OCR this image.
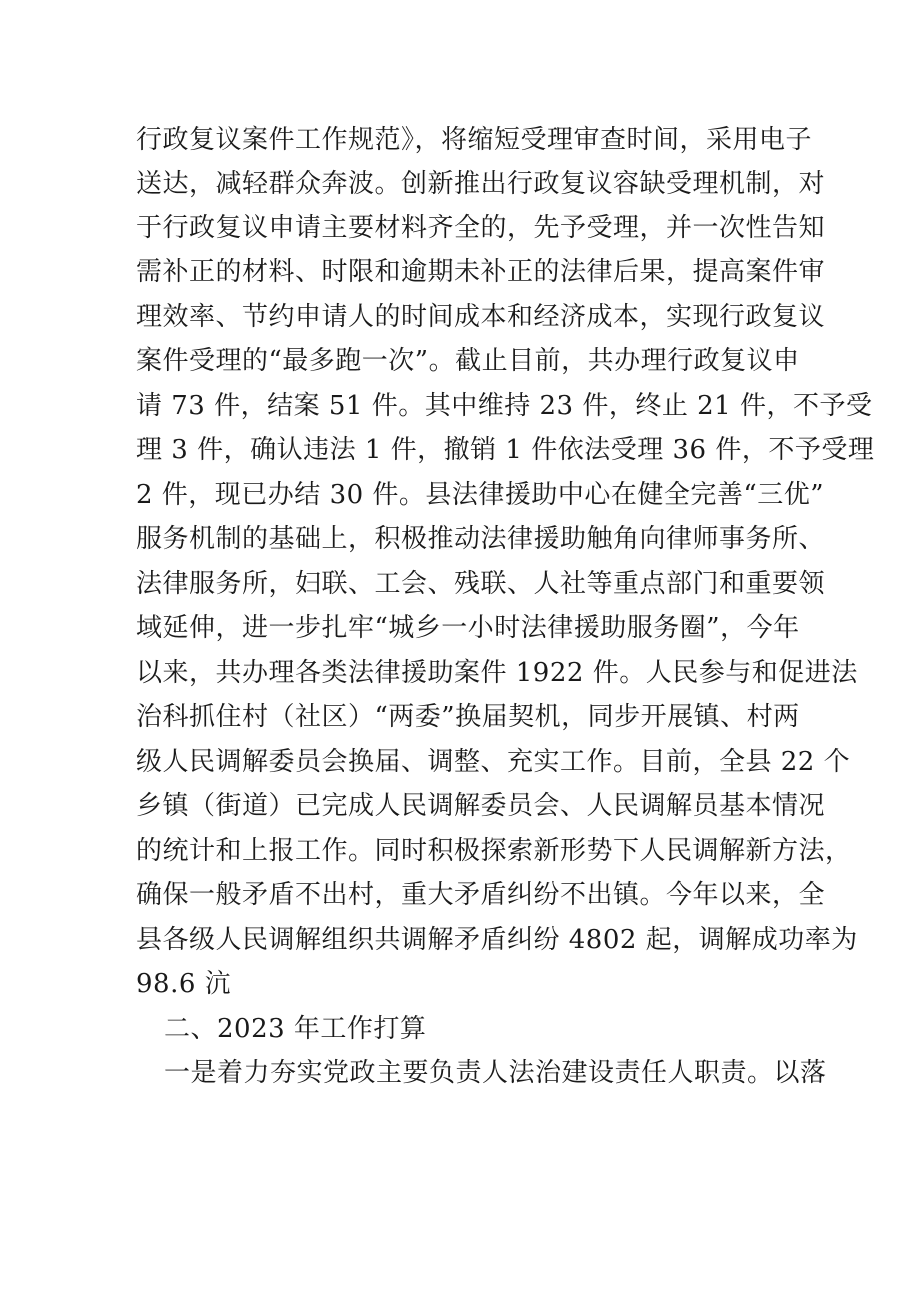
行政复议案件工作规范》，将缩短受理审查时间，采用电子
送达，减轻群众奔波。创新推出行政复议容缺受理机制，对
于行政复议申请主要材料齐全的，先予受理，并一次性告知
需补正的材料、时限和逾期未补正的法律后果，提高案件审
理效率、节约申请人的时间成本和经济成本，实现行政复议
案件受理的“最多跑一次”。截止目前，共办理行政复议申
请 73 件，结案 51 件。其中维持 23 件，终止 21 件，不予受
理 3 件，确认违法 1 件，撤销 1 件依法受理 36 件，不予受理
2 件，现已办结 30 件。县法律援助中心在健全完善“三优”
服务机制的基础上，积极推动法律援助触角向律师事务所、
法律服务所，妇联、工会、残联、人社等重点部门和重要领
域延伸，进一步扎牢“城乡一小时法律援助服务圈”，今年
以来，共办理各类法律援助案件 1922 件。人民参与和促进法
治科抓住村（社区）“两委”换届契机，同步开展镇、村两
级人民调解委员会换届、调整、充实工作。目前，全县 22 个
乡镇（街道）已完成人民调解委员会、人民调解员基本情况
的统计和上报工作。同时积极探索新形势下人民调解新方法，
确保一般矛盾不出村，重大矛盾纠纷不出镇。今年以来，全
县各级人民调解组织共调解矛盾纠纷 4802 起，调解成功率为
98.6 沆
二、2023 年工作打算
一是着力夯实党政主要负责人法治建设责任人职责。以落
